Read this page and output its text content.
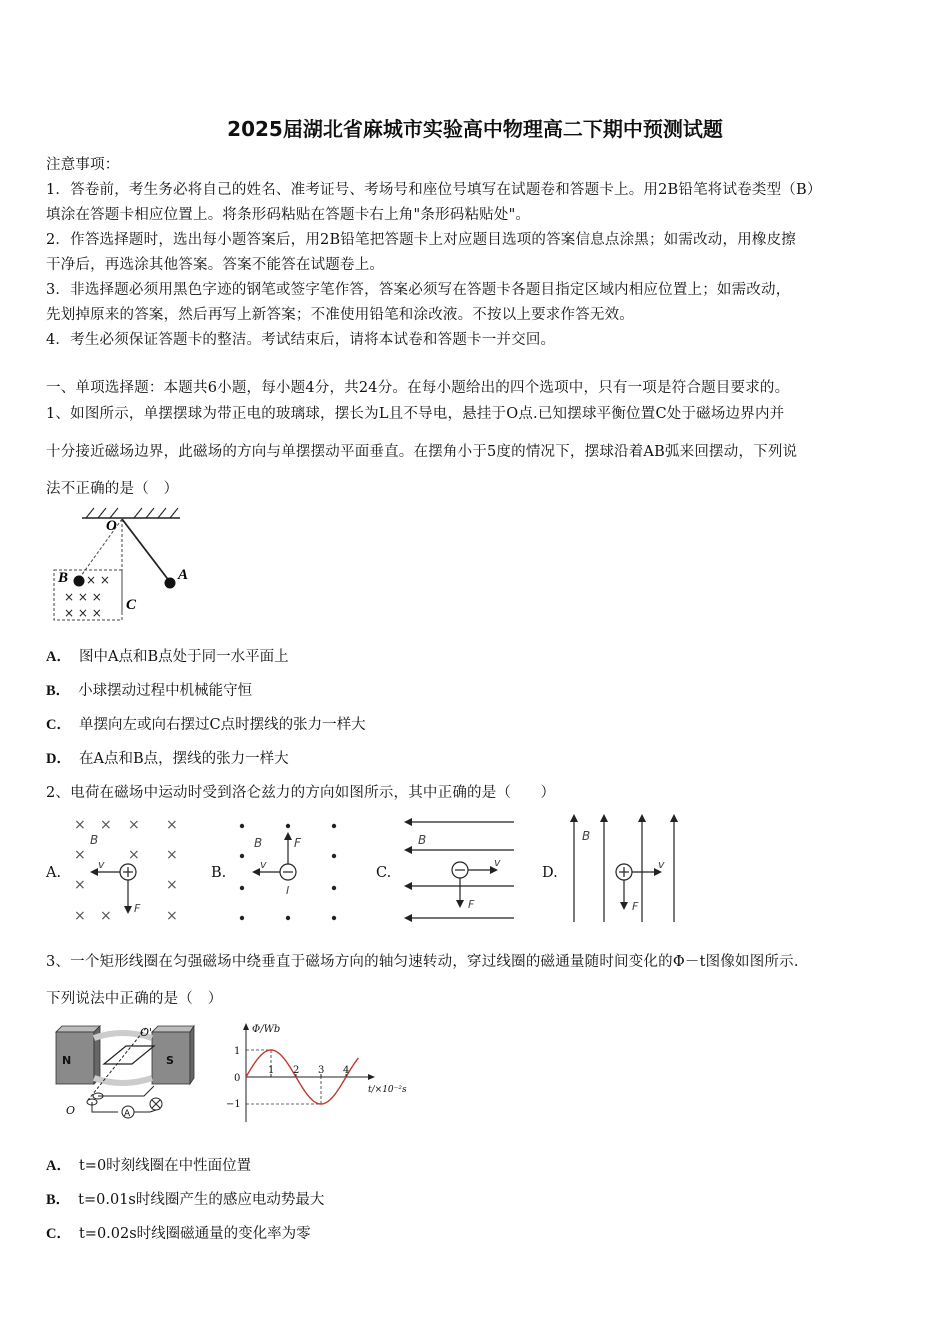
2025届湖北省麻城市实验高中物理高二下期中预测试题
注意事项：
1．答卷前，考生务必将自己的姓名、准考证号、考场号和座位号填写在试题卷和答题卡上。用2B铅笔将试卷类型（B）
填涂在答题卡相应位置上。将条形码粘贴在答题卡右上角"条形码粘贴处"。
2．作答选择题时，选出每小题答案后，用2B铅笔把答题卡上对应题目选项的答案信息点涂黑；如需改动，用橡皮擦
干净后，再选涂其他答案。答案不能答在试题卷上。
3．非选择题必须用黑色字迹的钢笔或签字笔作答，答案必须写在答题卡各题目指定区域内相应位置上；如需改动，
先划掉原来的答案，然后再写上新答案；不准使用铅笔和涂改液。不按以上要求作答无效。
4．考生必须保证答题卡的整洁。考试结束后，请将本试卷和答题卡一并交回。
一、单项选择题：本题共6小题，每小题4分，共24分。在每小题给出的四个选项中，只有一项是符合题目要求的。
1、如图所示，单摆摆球为带正电的玻璃球，摆长为L且不导电，悬挂于O点.已知摆球平衡位置C处于磁场边界内并
十分接近磁场边界，此磁场的方向与单摆摆动平面垂直。在摆角小于5度的情况下，摆球沿着AB弧来回摆动，下列说
法不正确的是（　）
× ×
× × ×
× × ×
O
A
B
C
A． 图中A点和B点处于同一水平面上
B． 小球摆动过程中机械能守恒
C． 单摆向左或向右摆过C点时摆线的张力一样大
D． 在A点和B点，摆线的张力一样大
2、电荷在磁场中运动时受到洛仑兹力的方向如图所示，其中正确的是（　　）
A.
× × × ×
×	× ×
×	×
× ×	×
B
v
F
B.
B
v
F
I
C.
B
v
F
D.
B
v
F
3、一个矩形线圈在匀强磁场中绕垂直于磁场方向的轴匀速转动，穿过线圈的磁通量随时间变化的Φ－t图像如图所示.
下列说法中正确的是（　）
N	S
O'
O	A
Φ/Wb
t/×10⁻²s
1
0
−1
1 2 3 4
A． t=0时刻线圈在中性面位置
B． t=0.01s时线圈产生的感应电动势最大
C． t=0.02s时线圈磁通量的变化率为零
